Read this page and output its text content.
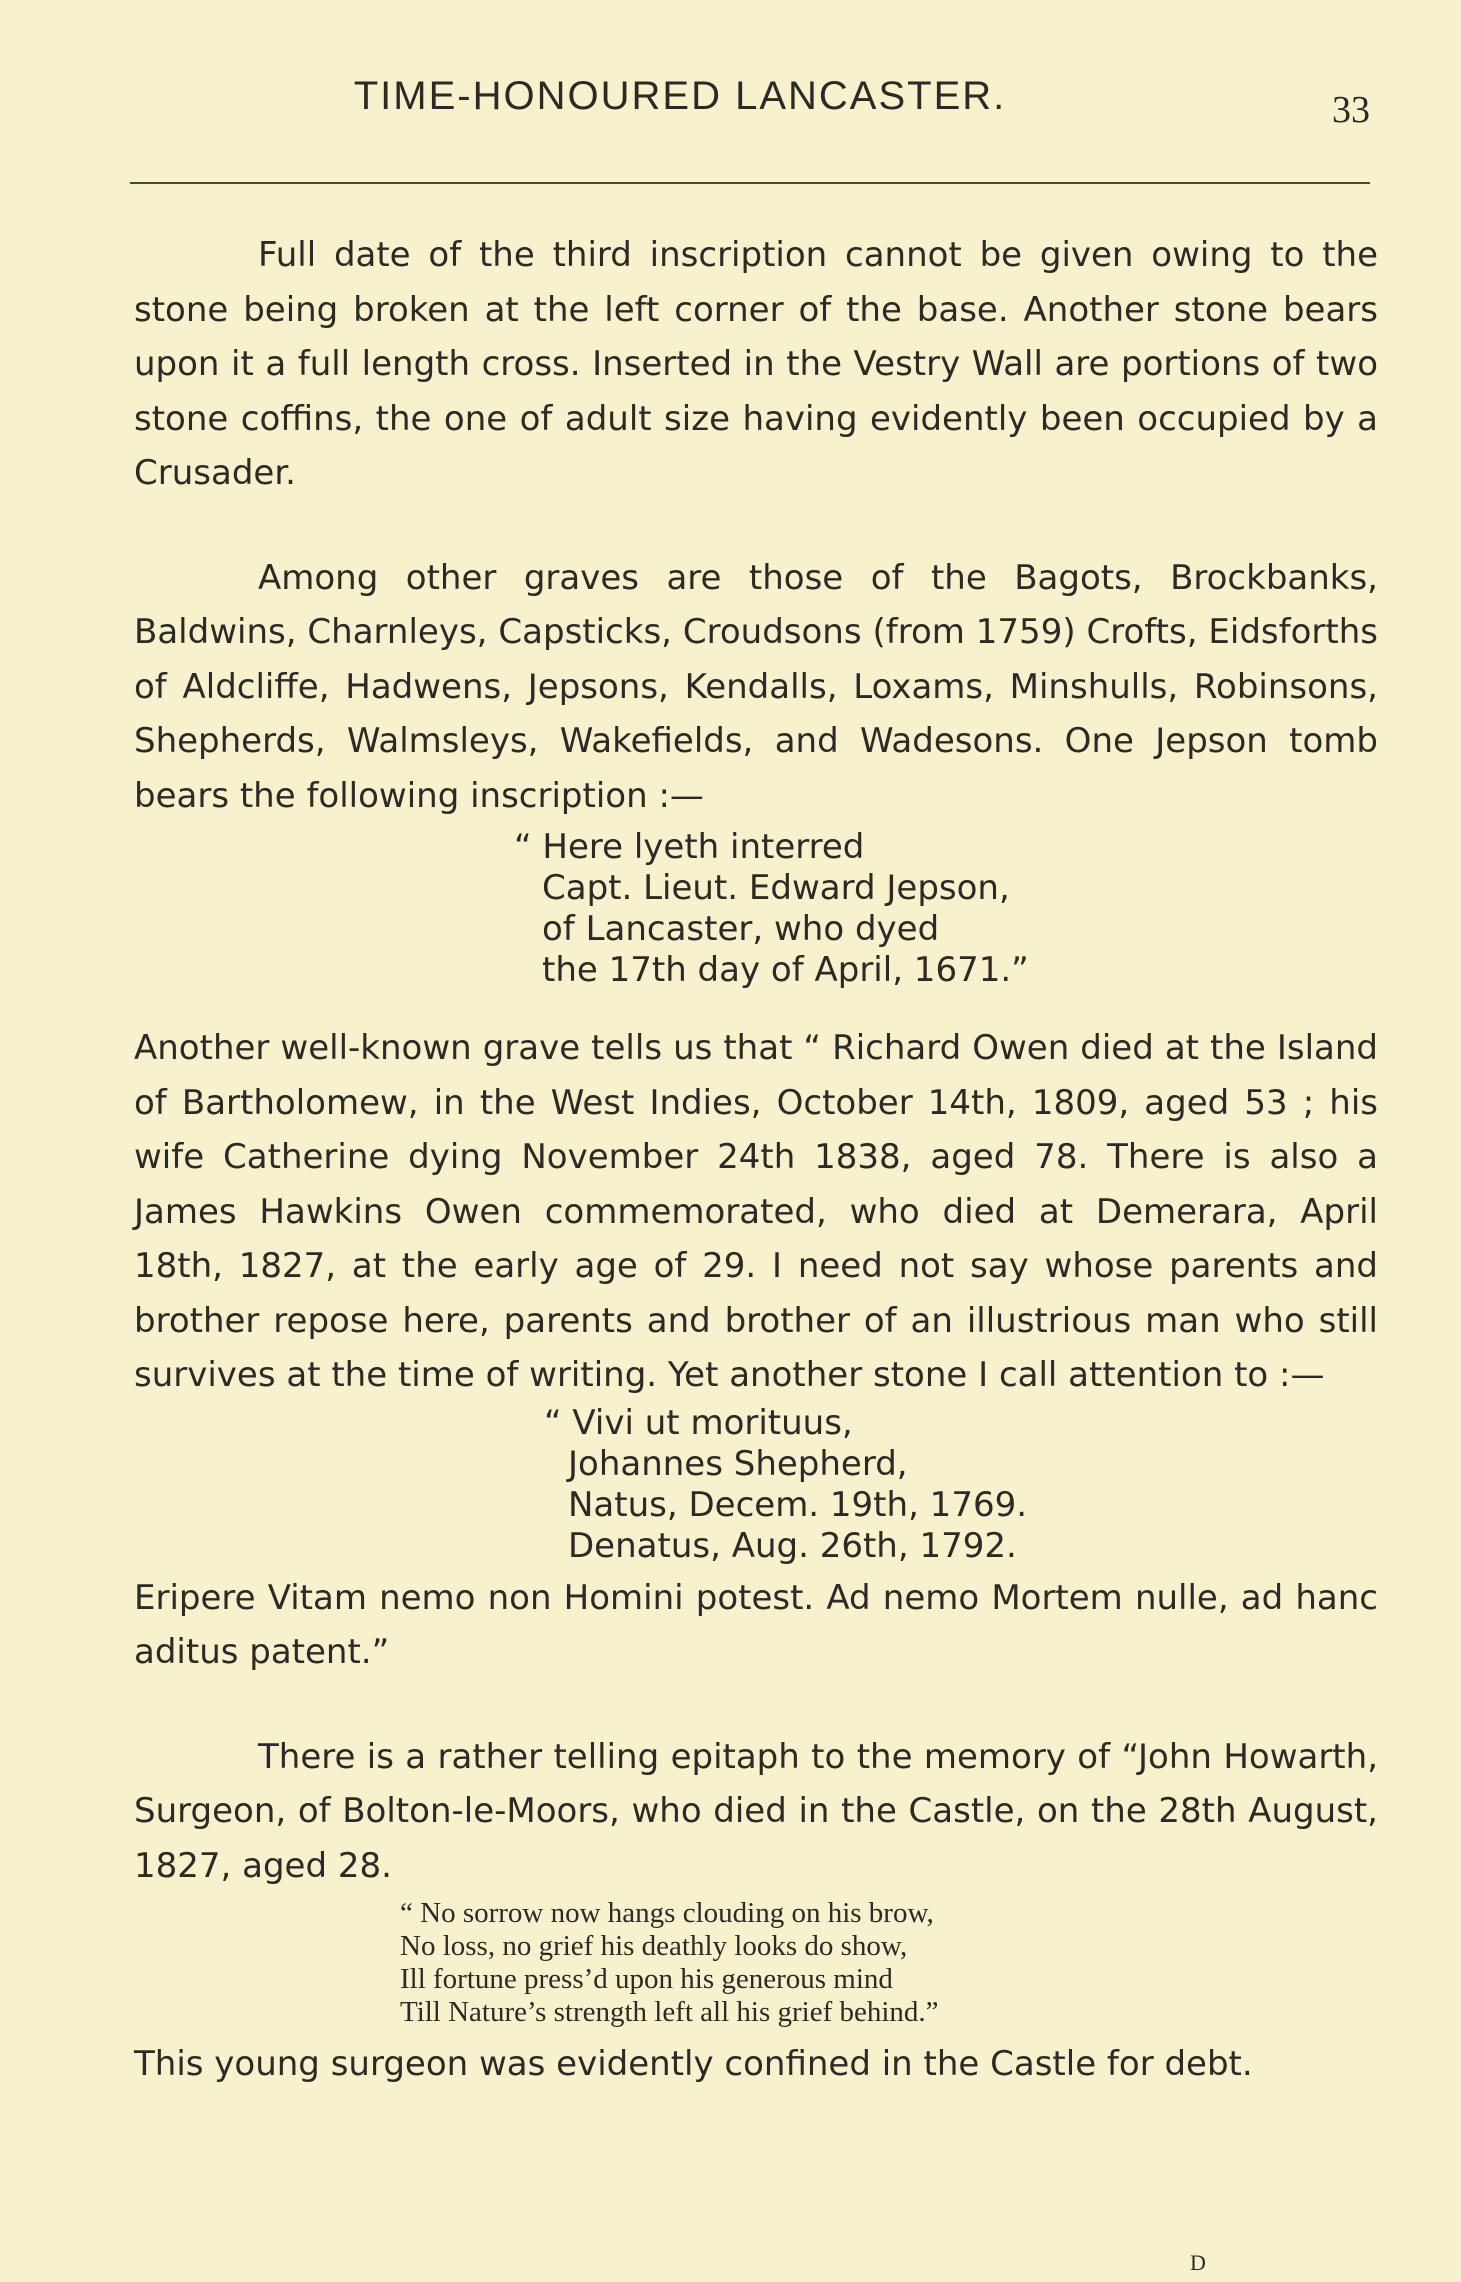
TIME-HONOURED LANCASTER.	33

Full date of the third inscription cannot be given owing to the stone being broken at the left corner of the base. Another stone bears upon it a full length cross. Inserted in the Vestry Wall are portions of two stone coffins, the one of adult size having evidently been occupied by a Crusader.

Among other graves are those of the Bagots, Brockbanks, Baldwins, Charnleys, Capsticks, Croudsons (from 1759) Crofts, Eidsforths of Aldcliffe, Hadwens, Jepsons, Kendalls, Loxams, Minshulls, Robinsons, Shepherds, Walmsleys, Wakefields, and Wadesons. One Jepson tomb bears the following inscription :—

“ Here lyeth interred
Capt. Lieut. Edward Jepson,
of Lancaster, who dyed
the 17th day of April, 1671.”

Another well-known grave tells us that “ Richard Owen died at the Island of Bartholomew, in the West Indies, October 14th, 1809, aged 53 ; his wife Catherine dying November 24th 1838, aged 78. There is also a James Hawkins Owen commemorated, who died at Demerara, April 18th, 1827, at the early age of 29. I need not say whose parents and brother repose here, parents and brother of an illustrious man who still survives at the time of writing. Yet another stone I call attention to :—

“ Vivi ut morituus,
Johannes Shepherd,
Natus, Decem. 19th, 1769.
Denatus, Aug. 26th, 1792.

Eripere Vitam nemo non Homini potest. Ad nemo Mortem nulle, ad hanc aditus patent.”

There is a rather telling epitaph to the memory of “John Howarth, Surgeon, of Bolton-le-Moors, who died in the Castle, on the 28th August, 1827, aged 28.

“ No sorrow now hangs clouding on his brow,
No loss, no grief his deathly looks do show,
Ill fortune press’d upon his generous mind
Till Nature’s strength left all his grief behind.”

This young surgeon was evidently confined in the Castle for debt.

D
